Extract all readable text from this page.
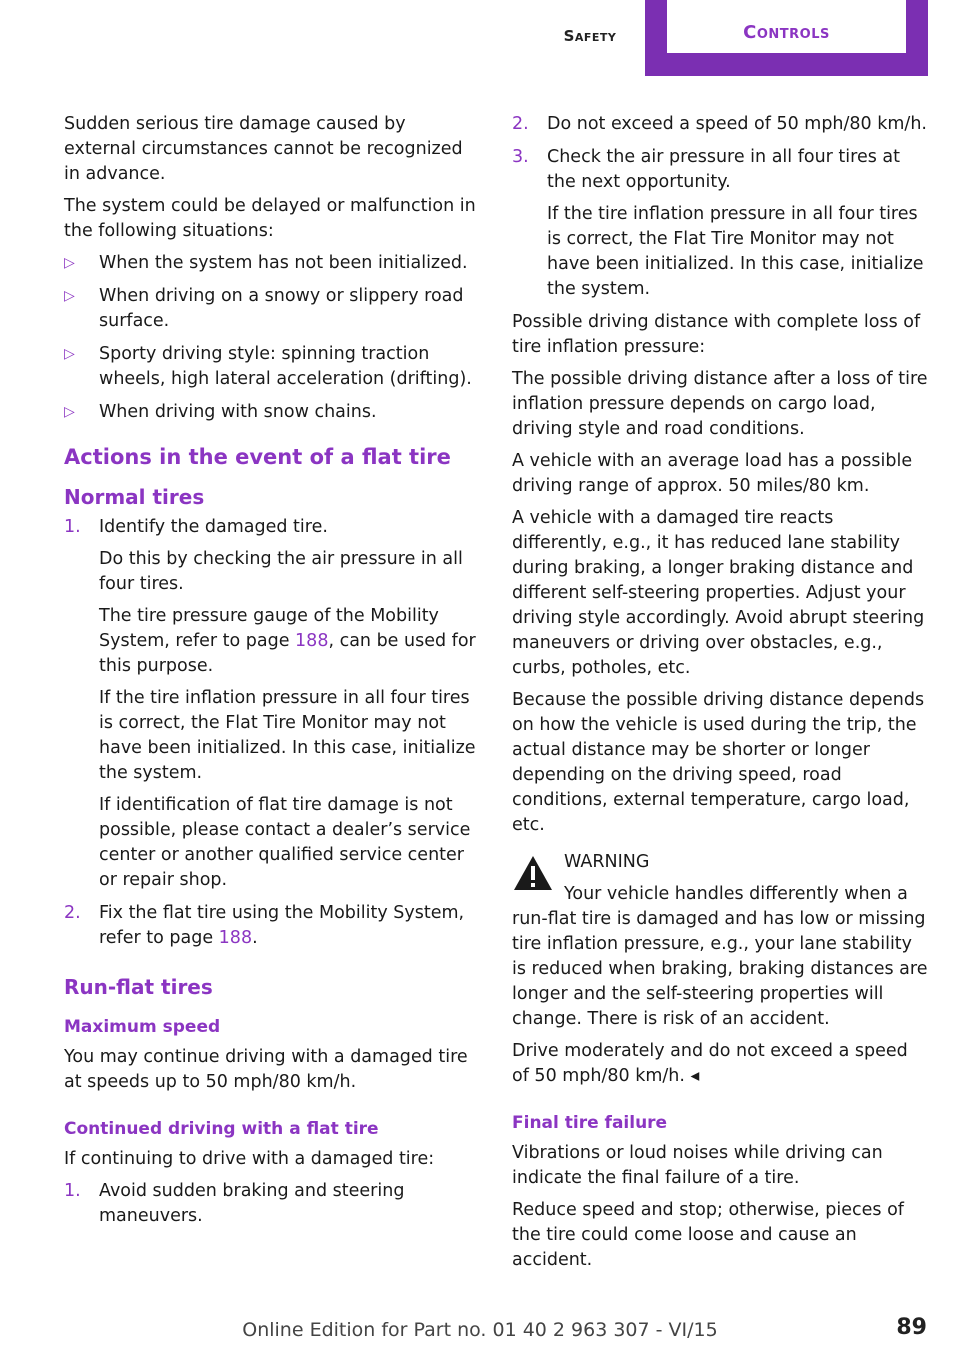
Safety	Controls

Sudden serious tire damage caused by external circumstances cannot be recognized in advance.

The system could be delayed or malfunction in the following situations:

▷ When the system has not been initialized.
▷ When driving on a snowy or slippery road surface.
▷ Sporty driving style: spinning traction wheels, high lateral acceleration (drifting).
▷ When driving with snow chains.
Actions in the event of a flat tire
Normal tires
1. Identify the damaged tire.

Do this by checking the air pressure in all four tires.

The tire pressure gauge of the Mobility System, refer to page 188, can be used for this purpose.

If the tire inflation pressure in all four tires is correct, the Flat Tire Monitor may not have been initialized. In this case, initialize the system.

If identification of flat tire damage is not possible, please contact a dealer’s service center or another qualified service center or repair shop.

2. Fix the flat tire using the Mobility System, refer to page 188.

Run-flat tires
Maximum speed

You may continue driving with a damaged tire at speeds up to 50 mph/80 km/h.

Continued driving with a flat tire

If continuing to drive with a damaged tire:

1. Avoid sudden braking and steering maneuvers.

2. Do not exceed a speed of 50 mph/80 km/h.

3. Check the air pressure in all four tires at the next opportunity.

If the tire inflation pressure in all four tires is correct, the Flat Tire Monitor may not have been initialized. In this case, initialize the system.

Possible driving distance with complete loss of tire inflation pressure:

The possible driving distance after a loss of tire inflation pressure depends on cargo load, driving style and road conditions.

A vehicle with an average load has a possible driving range of approx. 50 miles/80 km.

A vehicle with a damaged tire reacts differently, e.g., it has reduced lane stability during braking, a longer braking distance and different self-steering properties. Adjust your driving style accordingly. Avoid abrupt steering maneuvers or driving over obstacles, e.g., curbs, potholes, etc.

Because the possible driving distance depends on how the vehicle is used during the trip, the actual distance may be shorter or longer depending on the driving speed, road conditions, external temperature, cargo load, etc.

WARNING

Your vehicle handles differently when a run-flat tire is damaged and has low or missing tire inflation pressure, e.g., your lane stability is reduced when braking, braking distances are longer and the self-steering properties will change. There is risk of an accident.

Drive moderately and do not exceed a speed of 50 mph/80 km/h. ◂

Final tire failure

Vibrations or loud noises while driving can indicate the final failure of a tire.

Reduce speed and stop; otherwise, pieces of the tire could come loose and cause an accident.

Online Edition for Part no. 01 40 2 963 307 - VI/15	89
